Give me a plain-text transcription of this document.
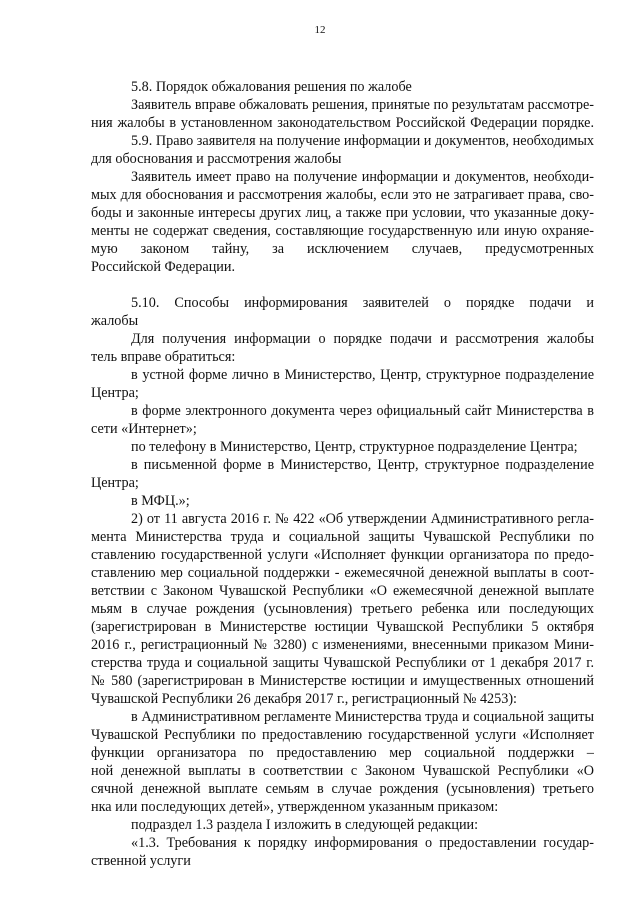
12
5.8. Порядок обжалования решения по жалобе
Заявитель вправе обжаловать решения, принятые по результатам рассмотре-
ния жалобы в установленном законодательством Российской Федерации порядке.
5.9. Право заявителя на получение информации и документов, необходимых
для обоснования и рассмотрения жалобы
Заявитель имеет право на получение информации и документов, необходи-
мых для обоснования и рассмотрения жалобы, если это не затрагивает права, сво-
боды и законные интересы других лиц, а также при условии, что указанные доку-
менты не содержат сведения, составляющие государственную или иную охраняе-
мую законом тайну, за исключением случаев, предусмотренных
Российской Федерации.
5.10. Способы информирования заявителей о порядке подачи и
жалобы
Для получения информации о порядке подачи и рассмотрения жалобы
тель вправе обратиться:
в устной форме лично в Министерство, Центр, структурное подразделение
Центра;
в форме электронного документа через официальный сайт Министерства в
сети «Интернет»;
по телефону в Министерство, Центр, структурное подразделение Центра;
в письменной форме в Министерство, Центр, структурное подразделение
Центра;
в МФЦ.»;
2) от 11 августа 2016 г. № 422 «Об утверждении Административного регла-
мента Министерства труда и социальной защиты Чувашской Республики по
ставлению государственной услуги «Исполняет функции организатора по предо-
ставлению мер социальной поддержки - ежемесячной денежной выплаты в соот-
ветствии с Законом Чувашской Республики «О ежемесячной денежной выплате
мьям в случае рождения (усыновления) третьего ребенка или последующих
(зарегистрирован в Министерстве юстиции Чувашской Республики 5 октября
2016 г., регистрационный № 3280) с изменениями, внесенными приказом Мини-
стерства труда и социальной защиты Чувашской Республики от 1 декабря 2017 г.
№ 580 (зарегистрирован в Министерстве юстиции и имущественных отношений
Чувашской Республики 26 декабря 2017 г., регистрационный № 4253):
в Административном регламенте Министерства труда и социальной защиты
Чувашской Республики по предоставлению государственной услуги «Исполняет
функции организатора по предоставлению мер социальной поддержки –
ной денежной выплаты в соответствии с Законом Чувашской Республики «О
сячной денежной выплате семьям в случае рождения (усыновления) третьего
нка или последующих детей», утвержденном указанным приказом:
подраздел 1.3 раздела I изложить в следующей редакции:
«1.3. Требования к порядку информирования о предоставлении государ-
ственной услуги
